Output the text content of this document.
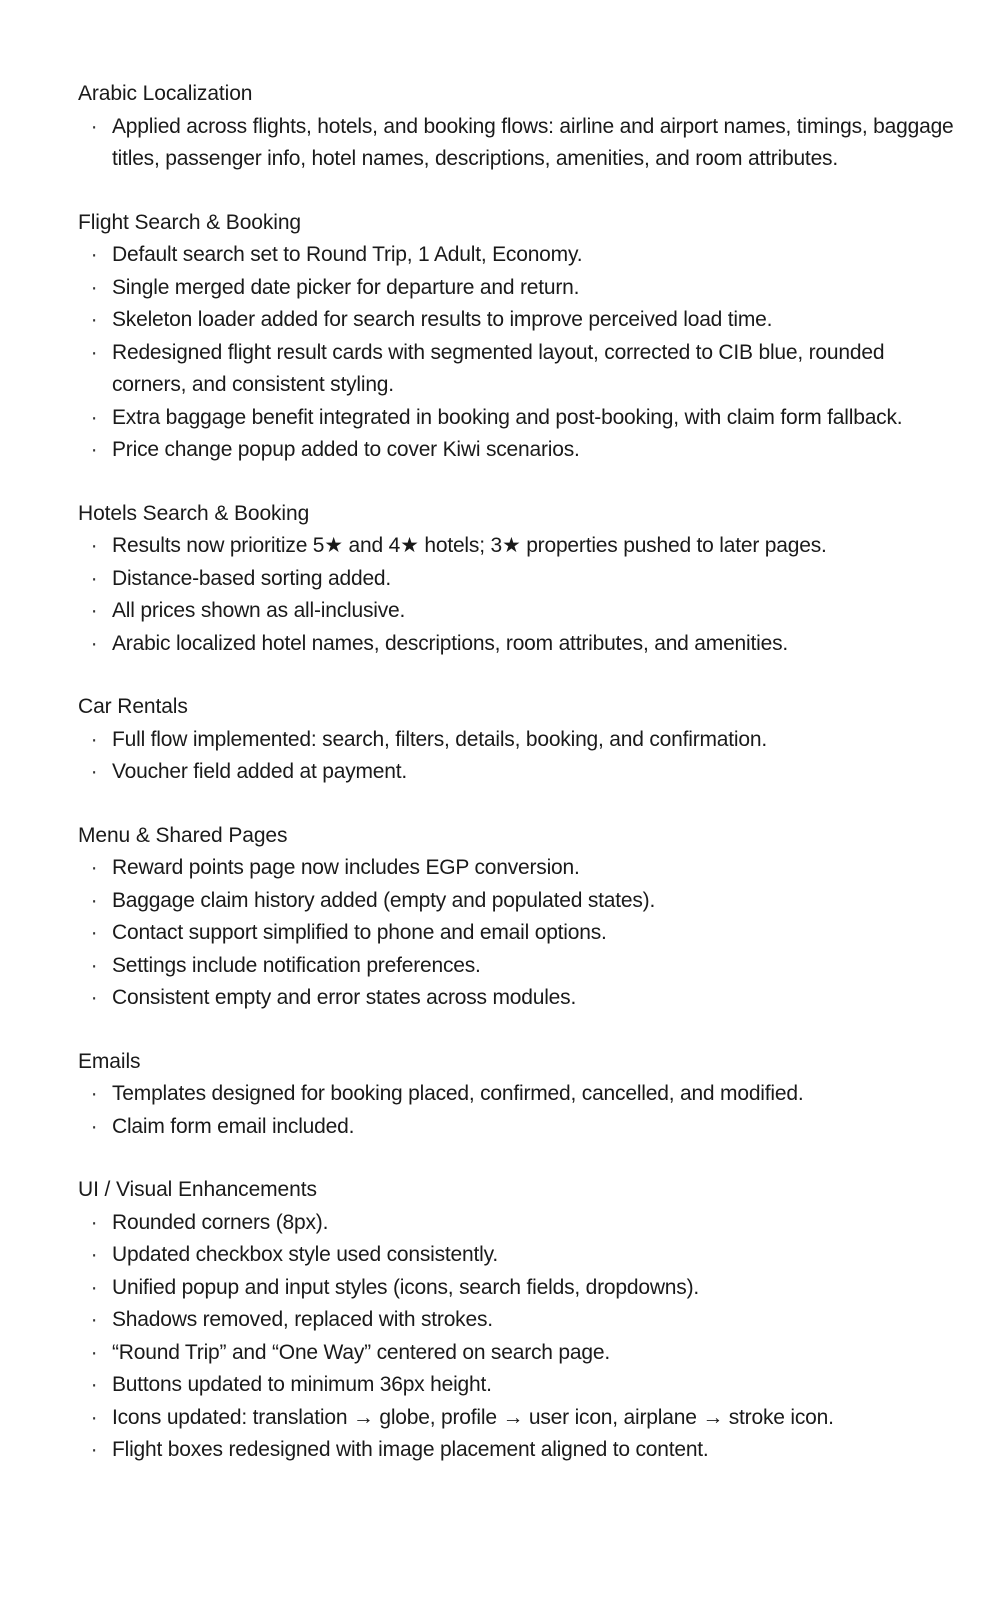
Arabic Localization
· Applied across flights, hotels, and booking flows: airline and airport names, timings, baggage titles, passenger info, hotel names, descriptions, amenities, and room attributes.
Flight Search & Booking
· Default search set to Round Trip, 1 Adult, Economy.
· Single merged date picker for departure and return.
· Skeleton loader added for search results to improve perceived load time.
· Redesigned flight result cards with segmented layout, corrected to CIB blue, rounded corners, and consistent styling.
· Extra baggage benefit integrated in booking and post-booking, with claim form fallback.
· Price change popup added to cover Kiwi scenarios.
Hotels Search & Booking
· Results now prioritize 5★ and 4★ hotels; 3★ properties pushed to later pages.
· Distance-based sorting added.
· All prices shown as all-inclusive.
· Arabic localized hotel names, descriptions, room attributes, and amenities.
Car Rentals
· Full flow implemented: search, filters, details, booking, and confirmation.
· Voucher field added at payment.
Menu & Shared Pages
· Reward points page now includes EGP conversion.
· Baggage claim history added (empty and populated states).
· Contact support simplified to phone and email options.
· Settings include notification preferences.
· Consistent empty and error states across modules.
Emails
· Templates designed for booking placed, confirmed, cancelled, and modified.
· Claim form email included.
UI / Visual Enhancements
· Rounded corners (8px).
· Updated checkbox style used consistently.
· Unified popup and input styles (icons, search fields, dropdowns).
· Shadows removed, replaced with strokes.
· “Round Trip” and “One Way” centered on search page.
· Buttons updated to minimum 36px height.
· Icons updated: translation → globe, profile → user icon, airplane → stroke icon.
· Flight boxes redesigned with image placement aligned to content.
